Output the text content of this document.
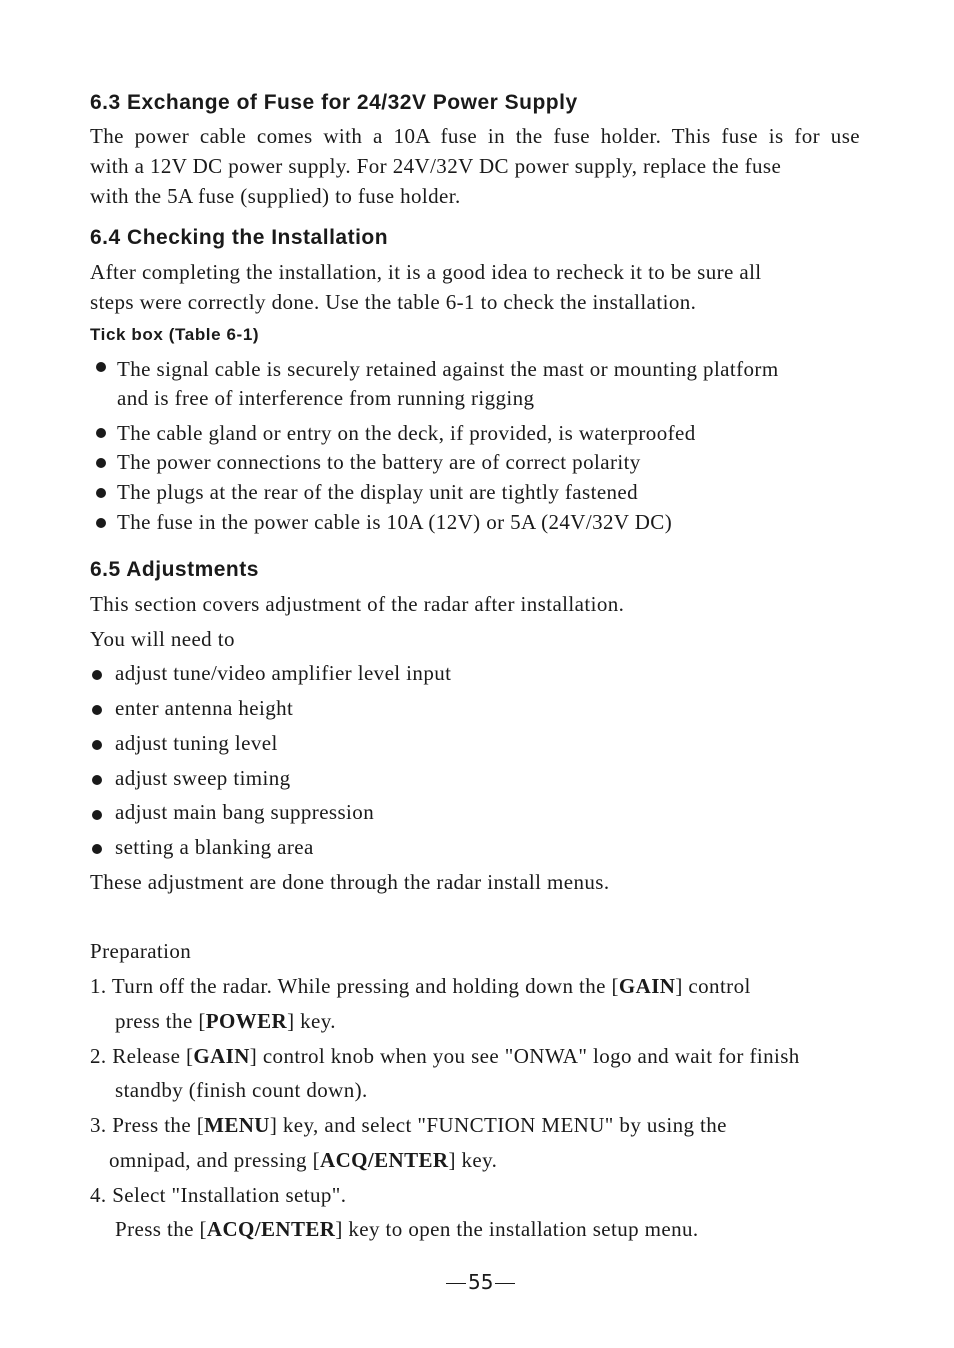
6.3 Exchange of Fuse for 24/32V Power Supply
The power cable comes with a 10A fuse in the fuse holder. This fuse is for use
with a 12V DC power supply. For 24V/32V DC power supply, replace the fuse
with the 5A fuse (supplied) to fuse holder.
6.4 Checking the Installation
After completing the installation, it is a good idea to recheck it to be sure all
steps were correctly done. Use the table 6-1 to check the installation.
Tick box (Table 6-1)
The signal cable is securely retained against the mast or mounting platform
and is free of interference from running rigging
The cable gland or entry on the deck, if provided, is waterproofed
The power connections to the battery are of correct polarity
The plugs at the rear of the display unit are tightly fastened
The fuse in the power cable is 10A (12V) or 5A (24V/32V DC)
6.5 Adjustments
This section covers adjustment of the radar after installation.
You will need to
adjust tune/video amplifier level input
enter antenna height
adjust tuning level
adjust sweep timing
adjust main bang suppression
setting a blanking area
These adjustment are done through the radar install menus.
Preparation
1. Turn off the radar. While pressing and holding down the [GAIN] control
press the [POWER] key.
2. Release [GAIN] control knob when you see "ONWA" logo and wait for finish
standby (finish count down).
3. Press the [MENU] key, and select "FUNCTION MENU" by using the
omnipad, and pressing [ACQ/ENTER] key.
4. Select "Installation setup".
Press the [ACQ/ENTER] key to open the installation setup menu.
55
